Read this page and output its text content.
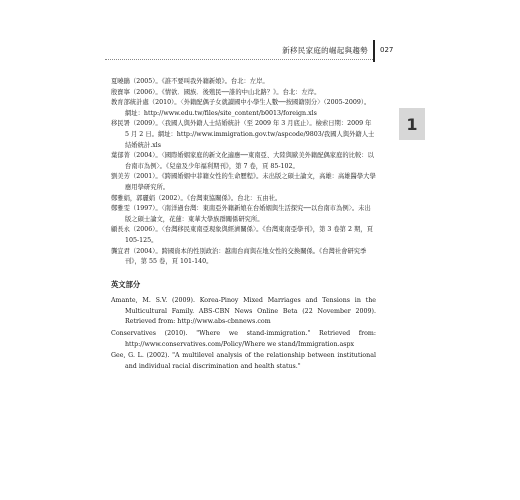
新移民家庭的崛起與趨勢 027
1

夏曉鵑（2005）。《誰不要叫我外籍新娘》。台北：左岸。

殷寶寧（2006）。《情欲．國族．後殖民──誰的中山北路？》。台北：左岸。

教育部統計處（2010）。〈外籍配偶子女就讀國中小學生人數──按國籍別分〉（2005-2009）。

網址：http://www.edu.tw/files/site_content/b0013/foreign.xls

移民署（2009）。〈我國人與外籍人士結婚統計（至 2009 年 3 月底止）。檢索日期：2009 年 5 月 2 日。網址：http://www.immigration.gov.tw/aspcode/9803/我國人與外籍人士結婚統計.xls

葉郁菁（2004）。〈國際婚姻家庭的新文化適應──東南亞、大陸與歐美外籍配偶家庭的比較：以台南市為例〉。《兒童及少年福利期刊》，第 7 卷，頁 85-102。

劉美芳（2001）。《跨國婚姻中菲籍女性的生命歷程》。未出版之碩士論文，高雄：高雄醫學大學應用學研究所。

鄭雅娟，郭麗娟（2002）。《台灣東協關係》。台北：五由社。

鄭雅雯（1997）。〈南洋過台灣：東南亞外籍新娘在台婚姻與生活探究──以台南市為例〉。未出版之碩士論文，花蓮：東華大學族群關係研究所。

顧長永（2006）。〈台灣移民東南亞現象與經濟關係〉。《台灣東南亞學刊》，第 3 卷第 2 期，頁 105-125。

龔宜君（2004）。跨國資本的性別政治：越南台商與在地女性的交換關係。《台灣社會研究季刊》，第 55 卷，頁 101-140。

英文部分

Amante, M. S.V. (2009). Korea-Pinoy Mixed Marriages and Tensions in the Multicultural Family. ABS-CBN News Online Beta (22 November 2009). Retrieved from: http://www.abs-cbnnews.com

Conservatives (2010). "Where we stand-immigration." Retrieved from: http://www.conservatives.com/Policy/Where we stand/Immigration.aspx

Gee, G. L. (2002). "A multilevel analysis of the relationship between institutional and individual racial discrimination and health status."
